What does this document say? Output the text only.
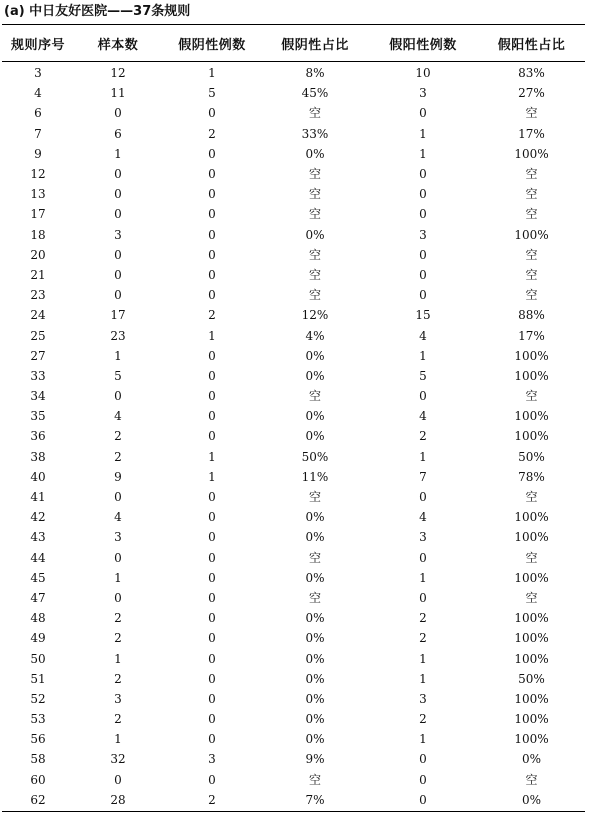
(a) 中日友好医院——37条规则
规则序号	样本数	假阴性例数	假阴性占比	假阳性例数	假阳性占比
3	12	1	8%	10	83%
4	11	5	45%	3	27%
6	0	0	空	0	空
7	6	2	33%	1	17%
9	1	0	0%	1	100%
12	0	0	空	0	空
13	0	0	空	0	空
17	0	0	空	0	空
18	3	0	0%	3	100%
20	0	0	空	0	空
21	0	0	空	0	空
23	0	0	空	0	空
24	17	2	12%	15	88%
25	23	1	4%	4	17%
27	1	0	0%	1	100%
33	5	0	0%	5	100%
34	0	0	空	0	空
35	4	0	0%	4	100%
36	2	0	0%	2	100%
38	2	1	50%	1	50%
40	9	1	11%	7	78%
41	0	0	空	0	空
42	4	0	0%	4	100%
43	3	0	0%	3	100%
44	0	0	空	0	空
45	1	0	0%	1	100%
47	0	0	空	0	空
48	2	0	0%	2	100%
49	2	0	0%	2	100%
50	1	0	0%	1	100%
51	2	0	0%	1	50%
52	3	0	0%	3	100%
53	2	0	0%	2	100%
56	1	0	0%	1	100%
58	32	3	9%	0	0%
60	0	0	空	0	空
62	28	2	7%	0	0%
